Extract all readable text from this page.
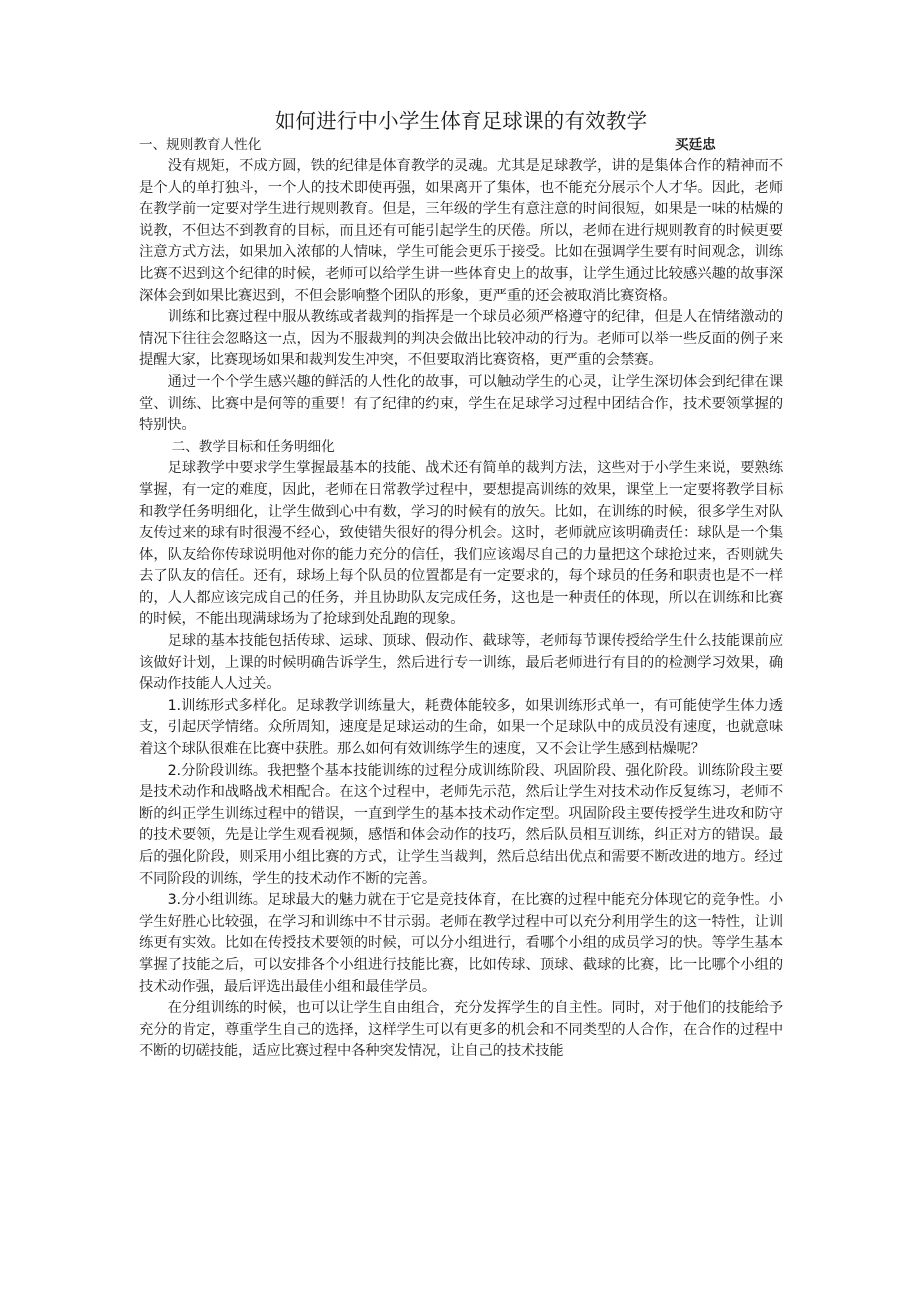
如何进行中小学生体育足球课的有效教学
一、规则教育人性化	买廷忠

没有规矩，不成方圆，铁的纪律是体育教学的灵魂。尤其是足球教学，讲的是集体合作的精神而不是个人的单打独斗，一个人的技术即使再强，如果离开了集体，也不能充分展示个人才华。因此，老师在教学前一定要对学生进行规则教育。但是，三年级的学生有意注意的时间很短，如果是一味的枯燥的说教，不但达不到教育的目标，而且还有可能引起学生的厌倦。所以，老师在进行规则教育的时候更要注意方式方法，如果加入浓郁的人情味，学生可能会更乐于接受。比如在强调学生要有时间观念，训练比赛不迟到这个纪律的时候，老师可以给学生讲一些体育史上的故事，让学生通过比较感兴趣的故事深深体会到如果比赛迟到，不但会影响整个团队的形象，更严重的还会被取消比赛资格。

训练和比赛过程中服从教练或者裁判的指挥是一个球员必须严格遵守的纪律，但是人在情绪激动的情况下往往会忽略这一点，因为不服裁判的判决会做出比较冲动的行为。老师可以举一些反面的例子来提醒大家，比赛现场如果和裁判发生冲突，不但要取消比赛资格，更严重的会禁赛。

通过一个个学生感兴趣的鲜活的人性化的故事，可以触动学生的心灵，让学生深切体会到纪律在课堂、训练、比赛中是何等的重要！有了纪律的约束，学生在足球学习过程中团结合作，技术要领掌握的特别快。

二、教学目标和任务明细化

足球教学中要求学生掌握最基本的技能、战术还有简单的裁判方法，这些对于小学生来说，要熟练掌握，有一定的难度，因此，老师在日常教学过程中，要想提高训练的效果，课堂上一定要将教学目标和教学任务明细化，让学生做到心中有数，学习的时候有的放矢。比如，在训练的时候，很多学生对队友传过来的球有时很漫不经心，致使错失很好的得分机会。这时，老师就应该明确责任：球队是一个集体，队友给你传球说明他对你的能力充分的信任，我们应该竭尽自己的力量把这个球抢过来，否则就失去了队友的信任。还有，球场上每个队员的位置都是有一定要求的，每个球员的任务和职责也是不一样的，人人都应该完成自己的任务，并且协助队友完成任务，这也是一种责任的体现，所以在训练和比赛的时候，不能出现满球场为了抢球到处乱跑的现象。

足球的基本技能包括传球、运球、顶球、假动作、截球等，老师每节课传授给学生什么技能课前应该做好计划，上课的时候明确告诉学生，然后进行专一训练，最后老师进行有目的的检测学习效果，确保动作技能人人过关。

1.训练形式多样化。足球教学训练量大，耗费体能较多，如果训练形式单一，有可能使学生体力透支，引起厌学情绪。众所周知，速度是足球运动的生命，如果一个足球队中的成员没有速度，也就意味着这个球队很难在比赛中获胜。那么如何有效训练学生的速度，又不会让学生感到枯燥呢？

2.分阶段训练。我把整个基本技能训练的过程分成训练阶段、巩固阶段、强化阶段。训练阶段主要是技术动作和战略战术相配合。在这个过程中，老师先示范，然后让学生对技术动作反复练习，老师不断的纠正学生训练过程中的错误，一直到学生的基本技术动作定型。巩固阶段主要传授学生进攻和防守的技术要领，先是让学生观看视频，感悟和体会动作的技巧，然后队员相互训练，纠正对方的错误。最后的强化阶段，则采用小组比赛的方式，让学生当裁判，然后总结出优点和需要不断改进的地方。经过不同阶段的训练，学生的技术动作不断的完善。

3.分小组训练。足球最大的魅力就在于它是竞技体育，在比赛的过程中能充分体现它的竞争性。小学生好胜心比较强，在学习和训练中不甘示弱。老师在教学过程中可以充分利用学生的这一特性，让训练更有实效。比如在传授技术要领的时候，可以分小组进行，看哪个小组的成员学习的快。等学生基本掌握了技能之后，可以安排各个小组进行技能比赛，比如传球、顶球、截球的比赛，比一比哪个小组的技术动作强，最后评选出最佳小组和最佳学员。

在分组训练的时候，也可以让学生自由组合，充分发挥学生的自主性。同时，对于他们的技能给予充分的肯定，尊重学生自己的选择，这样学生可以有更多的机会和不同类型的人合作，在合作的过程中不断的切磋技能，适应比赛过程中各种突发情况，让自己的技术技能
